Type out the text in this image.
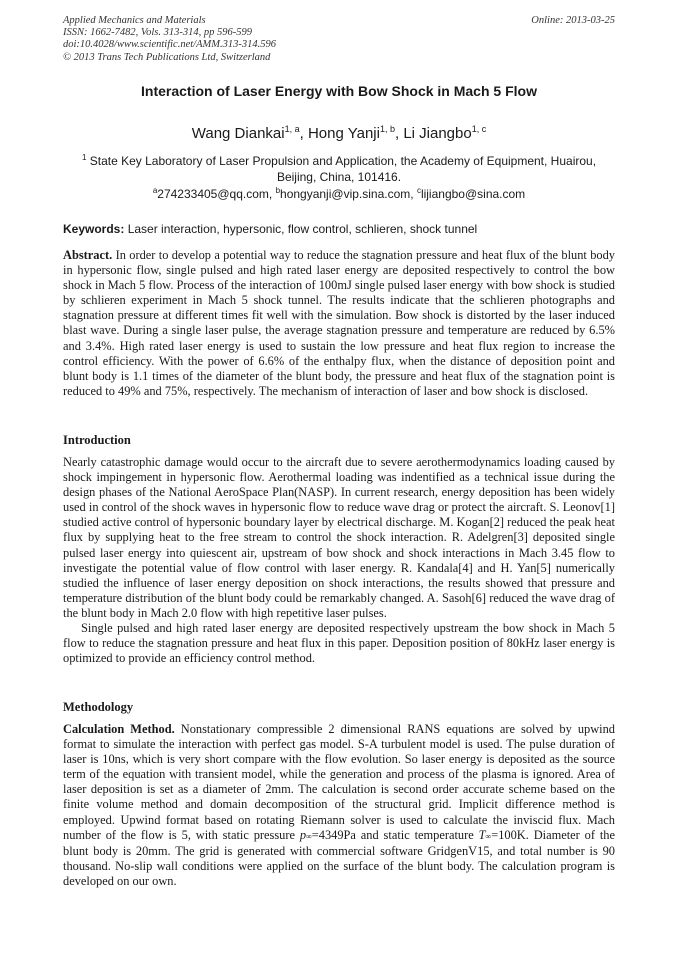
Applied Mechanics and Materials
ISSN: 1662-7482, Vols. 313-314, pp 596-599
doi:10.4028/www.scientific.net/AMM.313-314.596
© 2013 Trans Tech Publications Ltd, Switzerland
Online: 2013-03-25
Interaction of Laser Energy with Bow Shock in Mach 5 Flow
Wang Diankai$^{1, a}$, Hong Yanji$^{1, b}$, Li Jiangbo$^{1, c}$
$^1$ State Key Laboratory of Laser Propulsion and Application, the Academy of Equipment, Huairou, Beijing, China, 101416.
$^a$274233405@qq.com, $^b$hongyanji@vip.sina.com, $^c$lijiangbo@sina.com
Keywords: Laser interaction, hypersonic, flow control, schlieren, shock tunnel

Abstract. In order to develop a potential way to reduce the stagnation pressure and heat flux of the blunt body in hypersonic flow, single pulsed and high rated laser energy are deposited respectively to control the bow shock in Mach 5 flow. Process of the interaction of 100mJ single pulsed laser energy with bow shock is studied by schlieren experiment in Mach 5 shock tunnel. The results indicate that the schlieren photographs and stagnation pressure at different times fit well with the simulation. Bow shock is distorted by the laser induced blast wave. During a single laser pulse, the average stagnation pressure and temperature are reduced by 6.5% and 3.4%. High rated laser energy is used to sustain the low pressure and heat flux region to increase the control efficiency. With the power of 6.6% of the enthalpy flux, when the distance of deposition point and blunt body is 1.1 times of the diameter of the blunt body, the pressure and heat flux of the stagnation point is reduced to 49% and 75%, respectively. The mechanism of interaction of laser and bow shock is disclosed.

Introduction

Nearly catastrophic damage would occur to the aircraft due to severe aerothermodynamics loading caused by shock impingement in hypersonic flow. Aerothermal loading was indentified as a technical issue during the design phases of the National AeroSpace Plan(NASP). In current research, energy deposition has been widely used in control of the shock waves in hypersonic flow to reduce wave drag or protect the aircraft. S. Leonov[1] studied active control of hypersonic boundary layer by electrical discharge. M. Kogan[2] reduced the peak heat flux by supplying heat to the free stream to control the shock interaction. R. Adelgren[3] deposited single pulsed laser energy into quiescent air, upstream of bow shock and shock interactions in Mach 3.45 flow to investigate the potential value of flow control with laser energy. R. Kandala[4] and H. Yan[5] numerically studied the influence of laser energy deposition on shock interactions, the results showed that pressure and temperature distribution of the blunt body could be remarkably changed. A. Sasoh[6] reduced the wave drag of the blunt body in Mach 2.0 flow with high repetitive laser pulses.

Single pulsed and high rated laser energy are deposited respectively upstream the bow shock in Mach 5 flow to reduce the stagnation pressure and heat flux in this paper. Deposition position of 80kHz laser energy is optimized to provide an efficiency control method.

Methodology

Calculation Method. Nonstationary compressible 2 dimensional RANS equations are solved by upwind format to simulate the interaction with perfect gas model. S-A turbulent model is used. The pulse duration of laser is 10ns, which is very short compare with the flow evolution. So laser energy is deposited as the source term of the equation with transient model, while the generation and process of the plasma is ignored. Area of laser deposition is set as a diameter of 2mm. The calculation is second order accurate scheme based on the finite volume method and domain decomposition of the structural grid. Implicit difference method is employed. Upwind format based on rotating Riemann solver is used to calculate the inviscid flux. Mach number of the flow is 5, with static pressure p∞=4349Pa and static temperature T∞=100K. Diameter of the blunt body is 20mm. The grid is generated with commercial software GridgenV15, and total number is 90 thousand. No-slip wall conditions were applied on the surface of the blunt body. The calculation program is developed on our own.
